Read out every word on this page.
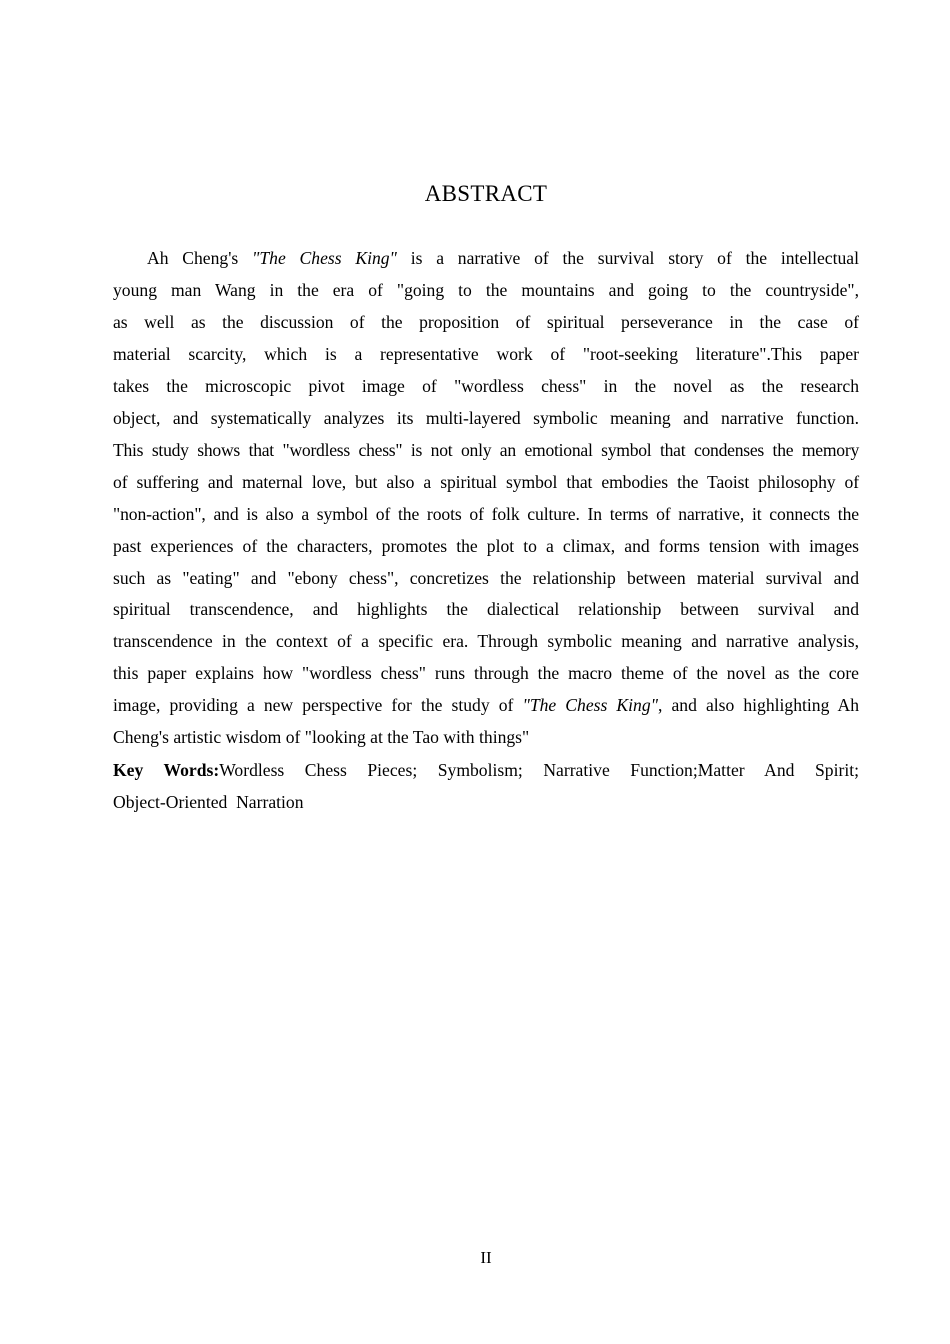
ABSTRACT
Ah Cheng's "The Chess King" is a narrative of the survival story of the intellectual
young man Wang in the era of "going to the mountains and going to the countryside",
as well as the discussion of the proposition of spiritual perseverance in the case of
material scarcity, which is a representative work of "root-seeking literature".This paper
takes the microscopic pivot image of "wordless chess" in the novel as the research
object, and systematically analyzes its multi-layered symbolic meaning and narrative function.
This study shows that "wordless chess" is not only an emotional symbol that condenses the memory
of suffering and maternal love, but also a spiritual symbol that embodies the Taoist philosophy of
"non-action", and is also a symbol of the roots of folk culture. In terms of narrative, it connects the
past experiences of the characters, promotes the plot to a climax, and forms tension with images
such as "eating" and "ebony chess", concretizes the relationship between material survival and
spiritual transcendence, and highlights the dialectical relationship between survival and
transcendence in the context of a specific era. Through symbolic meaning and narrative analysis,
this paper explains how "wordless chess" runs through the macro theme of the novel as the core
image, providing a new perspective for the study of "The Chess King", and also highlighting Ah
Cheng's artistic wisdom of "looking at the Tao with things"
Key Words:Wordless Chess Pieces; Symbolism; Narrative Function;Matter And Spirit;
Object-Oriented  Narration
II
